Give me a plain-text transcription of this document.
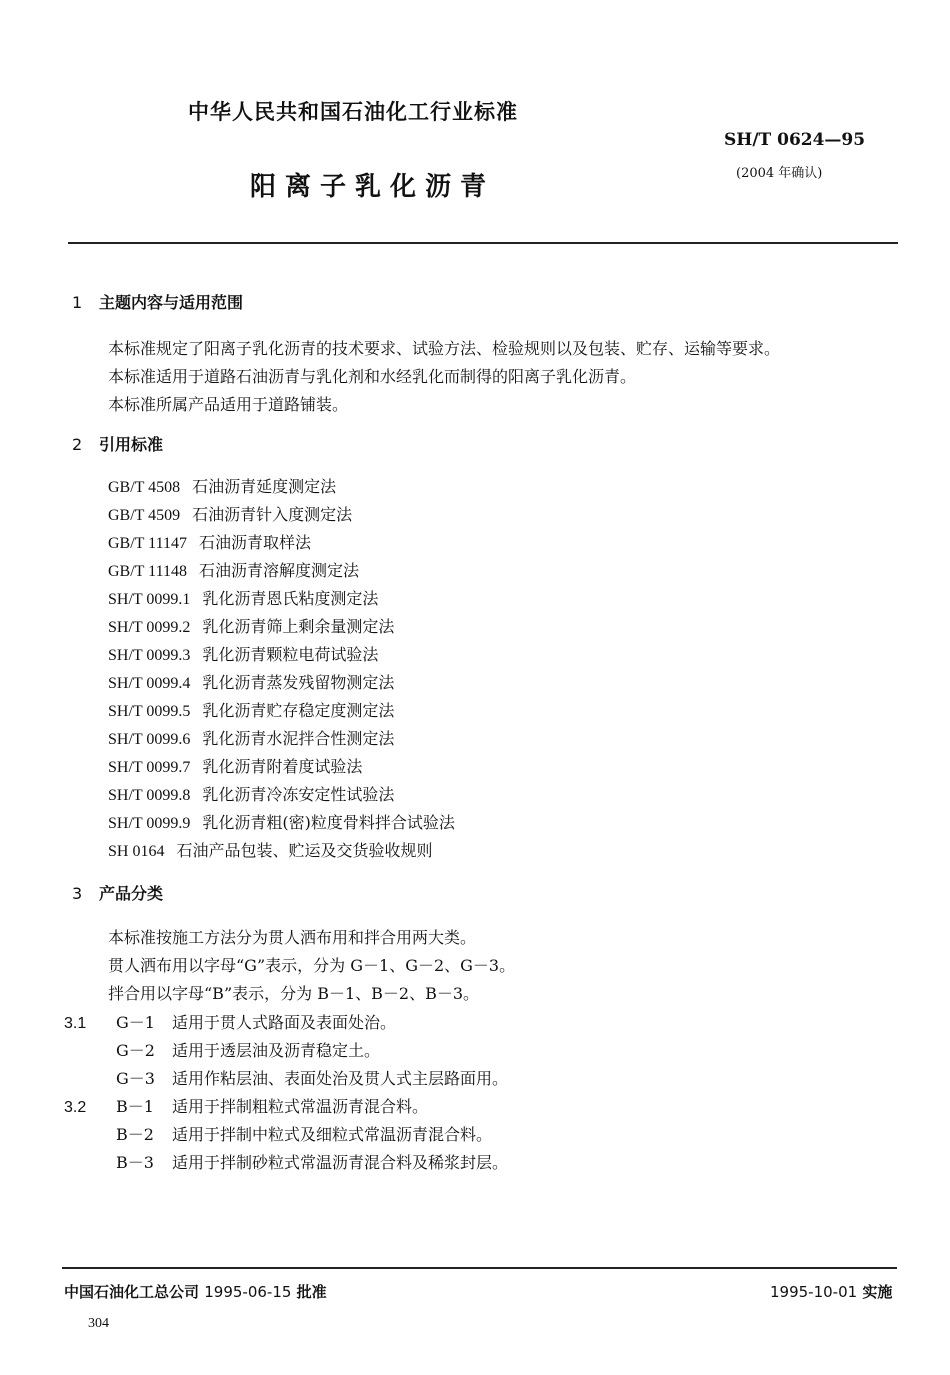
中华人民共和国石油化工行业标准
SH/T 0624—95
阳离子乳化沥青	(2004 年确认)
1 主题内容与适用范围
本标准规定了阳离子乳化沥青的技术要求、试验方法、检验规则以及包装、贮存、运输等要求。
本标准适用于道路石油沥青与乳化剂和水经乳化而制得的阳离子乳化沥青。
本标准所属产品适用于道路铺装。
2 引用标准
GB/T 4508 石油沥青延度测定法
GB/T 4509 石油沥青针入度测定法
GB/T 11147 石油沥青取样法
GB/T 11148 石油沥青溶解度测定法
SH/T 0099.1 乳化沥青恩氏粘度测定法
SH/T 0099.2 乳化沥青筛上剩余量测定法
SH/T 0099.3 乳化沥青颗粒电荷试验法
SH/T 0099.4 乳化沥青蒸发残留物测定法
SH/T 0099.5 乳化沥青贮存稳定度测定法
SH/T 0099.6 乳化沥青水泥拌合性测定法
SH/T 0099.7 乳化沥青附着度试验法
SH/T 0099.8 乳化沥青冷冻安定性试验法
SH/T 0099.9 乳化沥青粗(密)粒度骨料拌合试验法
SH 0164 石油产品包装、贮运及交货验收规则
3 产品分类
本标准按施工方法分为贯人洒布用和拌合用两大类。
贯人洒布用以字母“G”表示，分为 G－1、G－2、G－3。
拌合用以字母“B”表示，分为 B－1、B－2、B－3。
3.1 G－1 适用于贯人式路面及表面处治。
G－2 适用于透层油及沥青稳定土。
G－3 适用作粘层油、表面处治及贯人式主层路面用。
3.2 B－1 适用于拌制粗粒式常温沥青混合料。
B－2 适用于拌制中粒式及细粒式常温沥青混合料。
B－3 适用于拌制砂粒式常温沥青混合料及稀浆封层。
中国石油化工总公司 1995-06-15 批准	1995-10-01 实施
304
